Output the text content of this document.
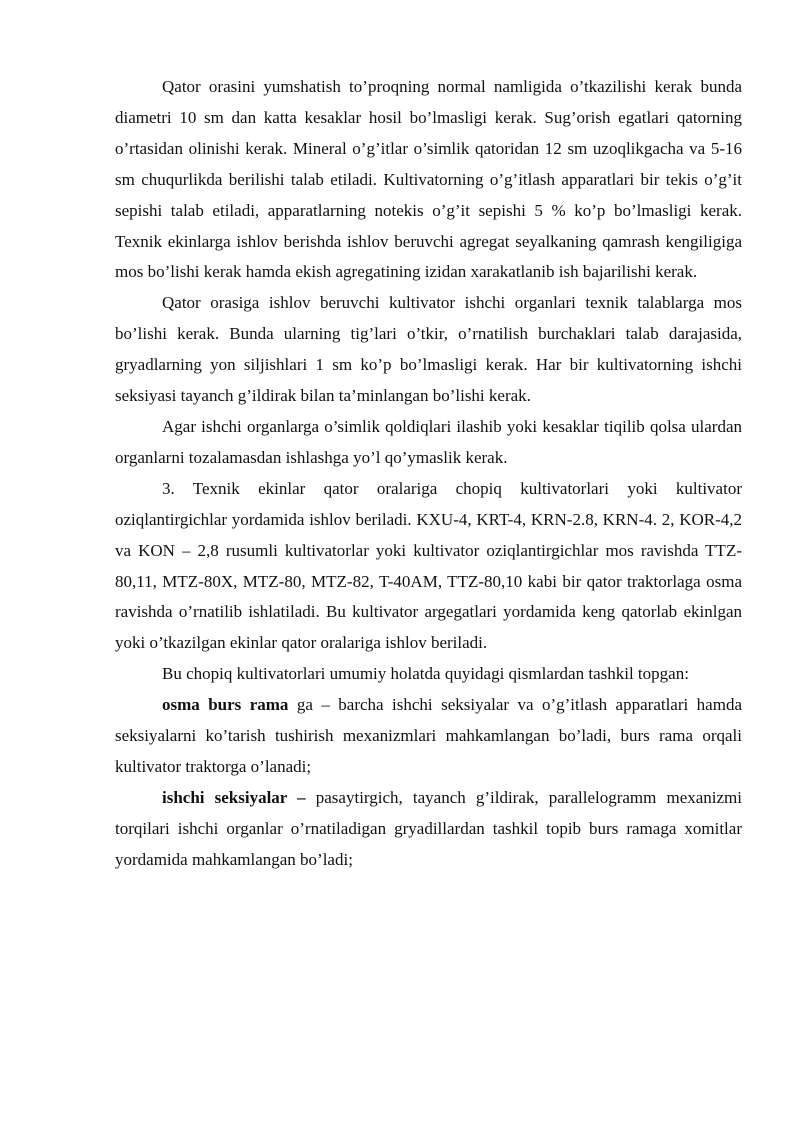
Qator orasini yumshatish to’proqning normal namligida o’tkazilishi kerak bunda diametri 10 sm dan katta kesaklar hosil bo’lmasligi kerak. Sug’orish egatlari qatorning o’rtasidan olinishi kerak. Mineral o’g’itlar o’simlik qatoridan 12 sm uzoqlikgacha va 5-16 sm chuqurlikda berilishi talab etiladi. Kultivatorning o’g’itlash apparatlari bir tekis o’g’it sepishi talab etiladi, apparatlarning notekis o’g’it sepishi 5 % ko’p bo’lmasligi kerak. Texnik ekinlarga ishlov berishda ishlov beruvchi agregat seyalkaning qamrash kengiligiga mos bo’lishi kerak hamda ekish agregatining izidan xarakatlanib ish bajarilishi kerak.

Qator orasiga ishlov beruvchi kultivator ishchi organlari texnik talablarga mos bo’lishi kerak. Bunda ularning tig’lari o’tkir, o’rnatilish burchaklari talab darajasida, gryadlarning yon siljishlari 1 sm ko’p bo’lmasligi kerak. Har bir kultivatorning ishchi seksiyasi tayanch g’ildirak bilan ta’minlangan bo’lishi kerak.

Agar ishchi organlarga o’simlik qoldiqlari ilashib yoki kesaklar tiqilib qolsa ulardan organlarni tozalamasdan ishlashga yo’l qo’ymaslik kerak.

3. Texnik ekinlar qator oralariga chopiq kultivatorlari yoki kultivator oziqlantirgichlar yordamida ishlov beriladi. KXU-4, KRT-4, KRN-2.8, KRN-4. 2, KOR-4,2 va KON – 2,8 rusumli kultivatorlar yoki kultivator oziqlantirgichlar mos ravishda TTZ-80,11, MTZ-80X, MTZ-80, MTZ-82, T-40AM, TTZ-80,10 kabi bir qator traktorlaga osma ravishda o’rnatilib ishlatiladi. Bu kultivator argegatlari yordamida keng qatorlab ekinlgan yoki o’tkazilgan ekinlar qator oralariga ishlov beriladi.

Bu chopiq kultivatorlari umumiy holatda quyidagi qismlardan tashkil topgan:

osma burs rama ga – barcha ishchi seksiyalar va o’g’itlash apparatlari hamda seksiyalarni ko’tarish tushirish mexanizmlari mahkamlangan bo’ladi, burs rama orqali kultivator traktorga o’lanadi;

ishchi seksiyalar – pasaytirgich, tayanch g’ildirak, parallelogramm mexanizmi torqilari ishchi organlar o’rnatiladigan gryadillardan tashkil topib burs ramaga xomitlar yordamida mahkamlangan bo’ladi;
